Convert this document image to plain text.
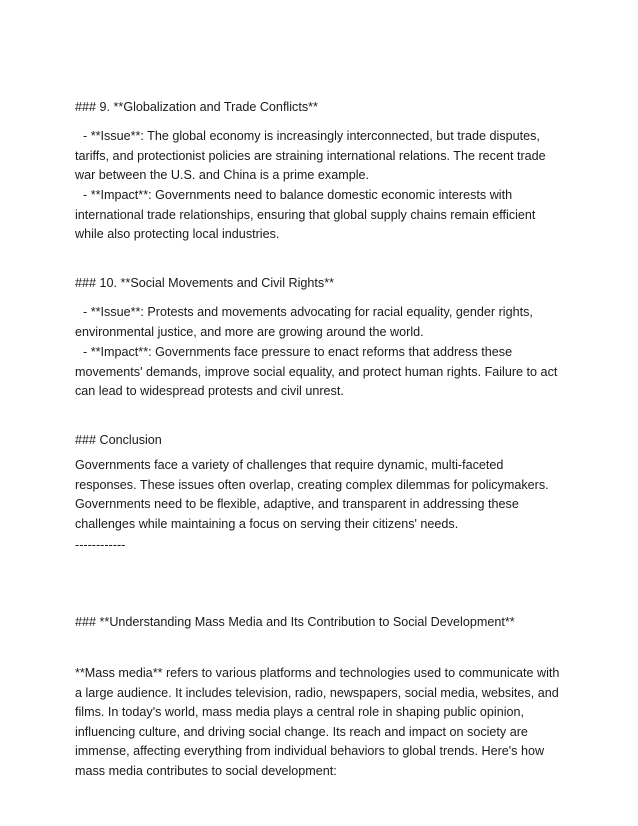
### 9. **Globalization and Trade Conflicts**

- **Issue**: The global economy is increasingly interconnected, but trade disputes, tariffs, and protectionist policies are straining international relations. The recent trade war between the U.S. and China is a prime example.

- **Impact**: Governments need to balance domestic economic interests with international trade relationships, ensuring that global supply chains remain efficient while also protecting local industries.

### 10. **Social Movements and Civil Rights**

- **Issue**: Protests and movements advocating for racial equality, gender rights, environmental justice, and more are growing around the world.

- **Impact**: Governments face pressure to enact reforms that address these movements' demands, improve social equality, and protect human rights. Failure to act can lead to widespread protests and civil unrest.

### Conclusion

Governments face a variety of challenges that require dynamic, multi-faceted responses. These issues often overlap, creating complex dilemmas for policymakers. Governments need to be flexible, adaptive, and transparent in addressing these challenges while maintaining a focus on serving their citizens' needs.

------------

### **Understanding Mass Media and Its Contribution to Social Development**

**Mass media** refers to various platforms and technologies used to communicate with a large audience. It includes television, radio, newspapers, social media, websites, and films. In today's world, mass media plays a central role in shaping public opinion, influencing culture, and driving social change. Its reach and impact on society are immense, affecting everything from individual behaviors to global trends. Here's how mass media contributes to social development:
